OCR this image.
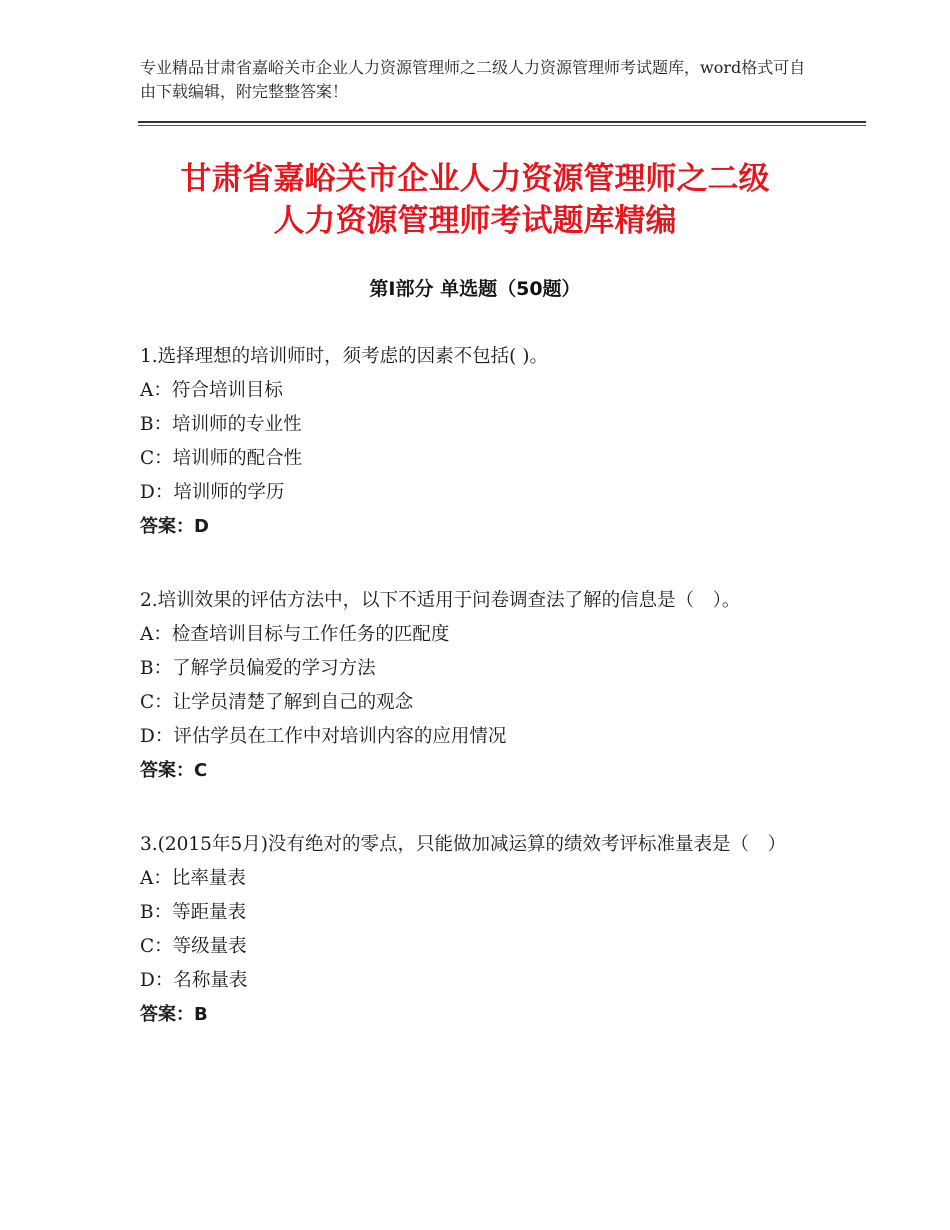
专业精品甘肃省嘉峪关市企业人力资源管理师之二级人力资源管理师考试题库，word格式可自由下载编辑，附完整整答案！
甘肃省嘉峪关市企业人力资源管理师之二级
人力资源管理师考试题库精编
第Ⅰ部分 单选题（50题）

1.选择理想的培训师时，须考虑的因素不包括( )。

A：符合培训目标

B：培训师的专业性

C：培训师的配合性

D：培训师的学历

答案：D

2.培训效果的评估方法中，以下不适用于问卷调查法了解的信息是（　）。

A：检查培训目标与工作任务的匹配度

B：了解学员偏爱的学习方法

C：让学员清楚了解到自己的观念

D：评估学员在工作中对培训内容的应用情况

答案：C

3.(2015年5月)没有绝对的零点，只能做加减运算的绩效考评标准量表是（　）

A：比率量表

B：等距量表

C：等级量表

D：名称量表

答案：B
